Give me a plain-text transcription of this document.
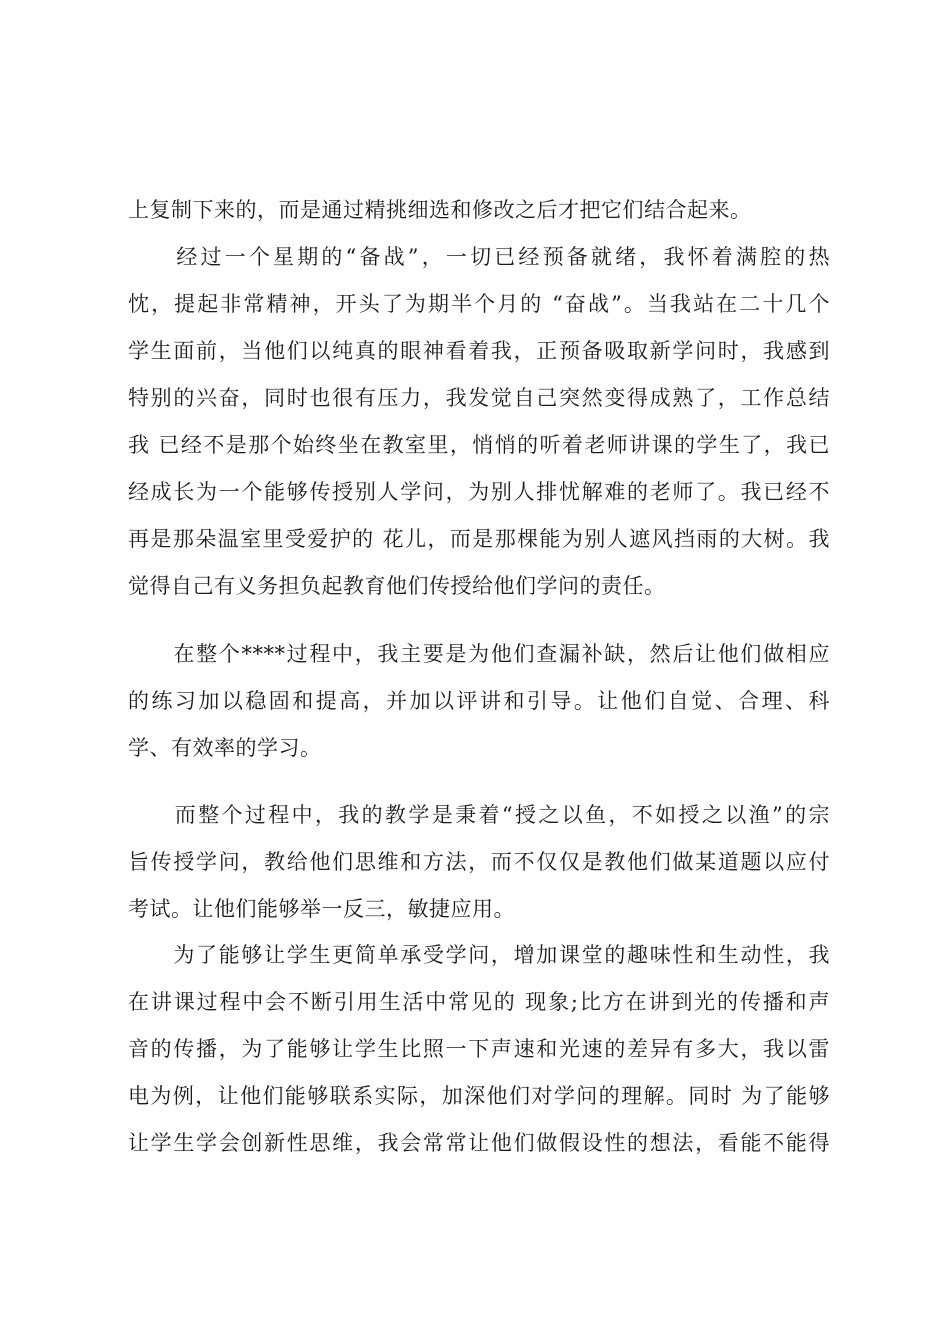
上复制下来的，而是通过精挑细选和修改之后才把它们结合起来。
　　经过一个星期的“备战”，一切已经预备就绪，我怀着满腔的热
忱，提起非常精神，开头了为期半个月的 “奋战”。当我站在二十几个
学生面前，当他们以纯真的眼神看着我，正预备吸取新学问时，我感到
特别的兴奋，同时也很有压力，我发觉自己突然变得成熟了，工作总结
我 已经不是那个始终坐在教室里，悄悄的听着老师讲课的学生了，我已
经成长为一个能够传授别人学问，为别人排忧解难的老师了。我已经不
再是那朵温室里受爱护的 花儿，而是那棵能为别人遮风挡雨的大树。我
觉得自己有义务担负起教育他们传授给他们学问的责任。
　　在整个****过程中，我主要是为他们查漏补缺，然后让他们做相应
的练习加以稳固和提高，并加以评讲和引导。让他们自觉、合理、科
学、有效率的学习。
　　而整个过程中，我的教学是秉着“授之以鱼，不如授之以渔”的宗
旨传授学问，教给他们思维和方法，而不仅仅是教他们做某道题以应付
考试。让他们能够举一反三，敏捷应用。
　　为了能够让学生更简单承受学问，增加课堂的趣味性和生动性，我
在讲课过程中会不断引用生活中常见的 现象;比方在讲到光的传播和声
音的传播，为了能够让学生比照一下声速和光速的差异有多大，我以雷
电为例，让他们能够联系实际，加深他们对学问的理解。同时 为了能够
让学生学会创新性思维，我会常常让他们做假设性的想法，看能不能得
